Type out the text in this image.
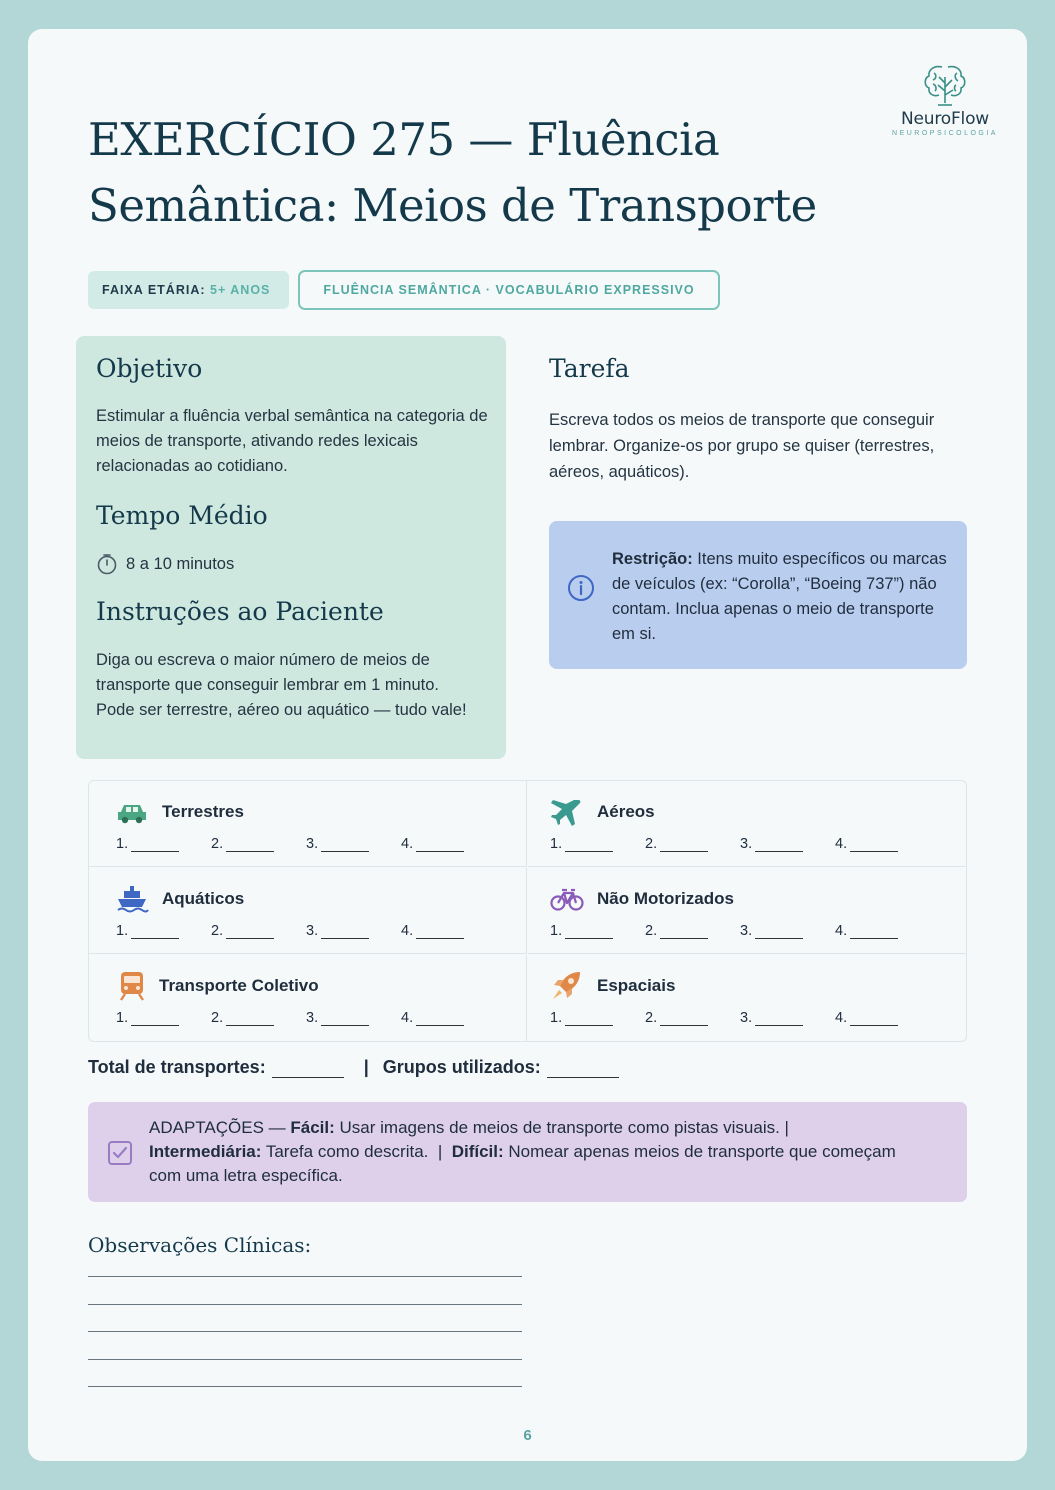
NeuroFlow
NEUROPSICOLOGIA
EXERCÍCIO 275 — Fluência
Semântica: Meios de Transporte
FAIXA ETÁRIA: 5+ ANOS	FLUÊNCIA SEMÂNTICA · VOCABULÁRIO EXPRESSIVO
Objetivo

Estimular a fluência verbal semântica na categoria de meios de transporte, ativando redes lexicais relacionadas ao cotidiano.

Tempo Médio
8 a 10 minutos
Instruções ao Paciente

Diga ou escreva o maior número de meios de transporte que conseguir lembrar em 1 minuto. Pode ser terrestre, aéreo ou aquático — tudo vale!

Tarefa

Escreva todos os meios de transporte que conseguir lembrar. Organize-os por grupo se quiser (terrestres, aéreos, aquáticos).

Restrição: Itens muito específicos ou marcas de veículos (ex: “Corolla”, “Boeing 737”) não contam. Inclua apenas o meio de transporte em si.
Terrestres
1.	2.	3.	4.
Aéreos
1.	2.	3.	4.
Aquáticos
1.	2.	3.	4.
Não Motorizados
1.	2.	3.	4.
Transporte Coletivo
1.	2.	3.	4.
Espaciais
1.	2.	3.	4.
Total de transportes:	| Grupos utilizados:
ADAPTAÇÕES — Fácil: Usar imagens de meios de transporte como pistas visuais. |
Intermediária: Tarefa como descrita.  |  Difícil: Nomear apenas meios de transporte que começam com uma letra específica.
Observações Clínicas:
6
